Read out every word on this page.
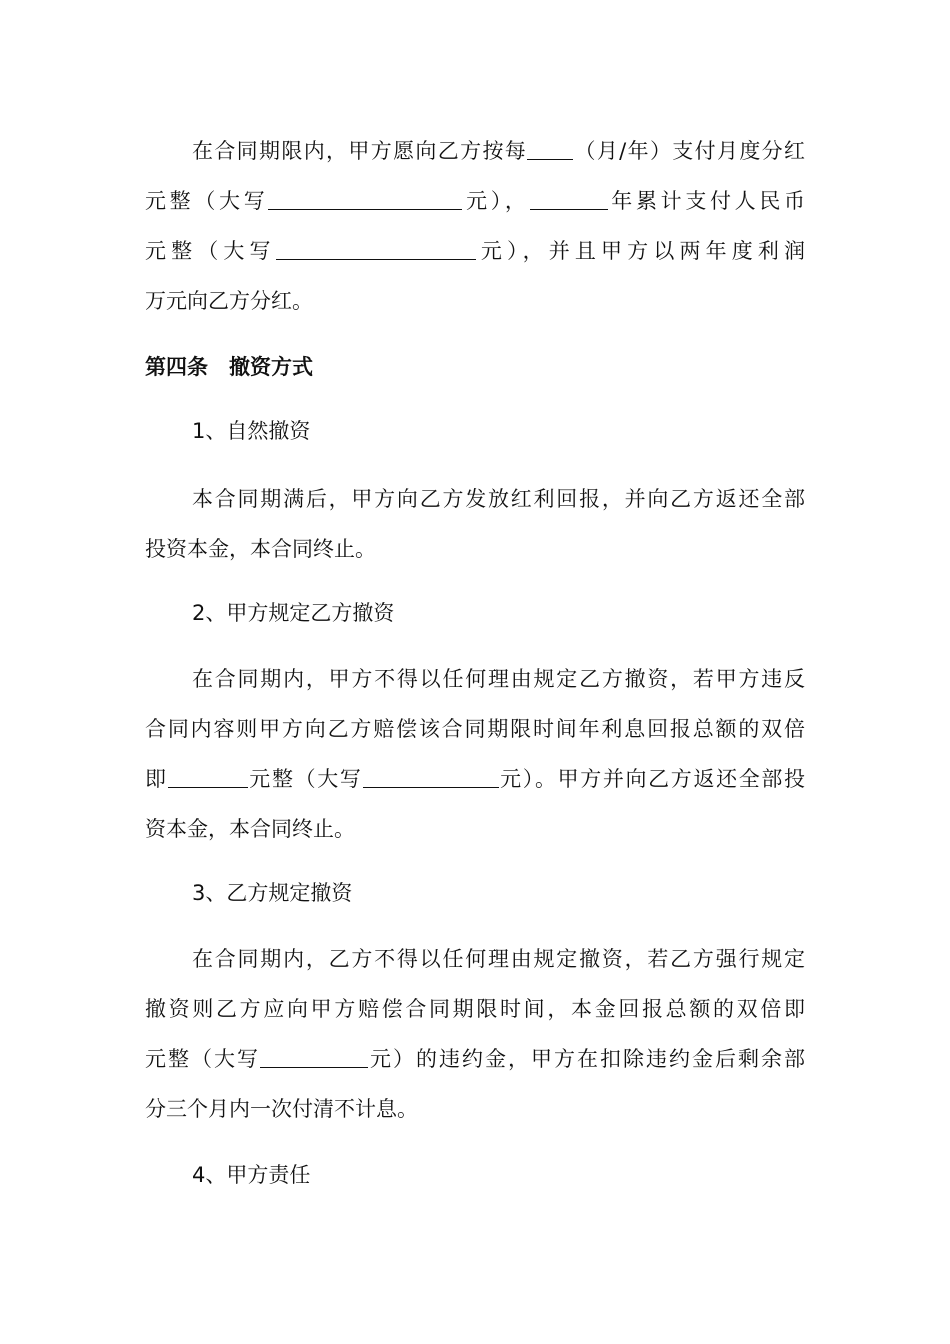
在合同期限内，甲方愿向乙方按每 （月/年）支付月度分红
元整（大写	元），	年累计支付人民币
元整（大写	元），并且甲方以两年度利润
万元向乙方分红。
第四条　撤资方式
1、自然撤资
本合同期满后，甲方向乙方发放红利回报，并向乙方返还全部
投资本金，本合同终止。
2、甲方规定乙方撤资
在合同期内，甲方不得以任何理由规定乙方撤资，若甲方违反
合同内容则甲方向乙方赔偿该合同期限时间年利息回报总额的双倍
即	元整（大写	元）。甲方并向乙方返还全部投
资本金，本合同终止。
3、乙方规定撤资
在合同期内，乙方不得以任何理由规定撤资，若乙方强行规定
撤资则乙方应向甲方赔偿合同期限时间，本金回报总额的双倍即
元整（大写	元）的违约金，甲方在扣除违约金后剩余部
分三个月内一次付清不计息。
4、甲方责任
